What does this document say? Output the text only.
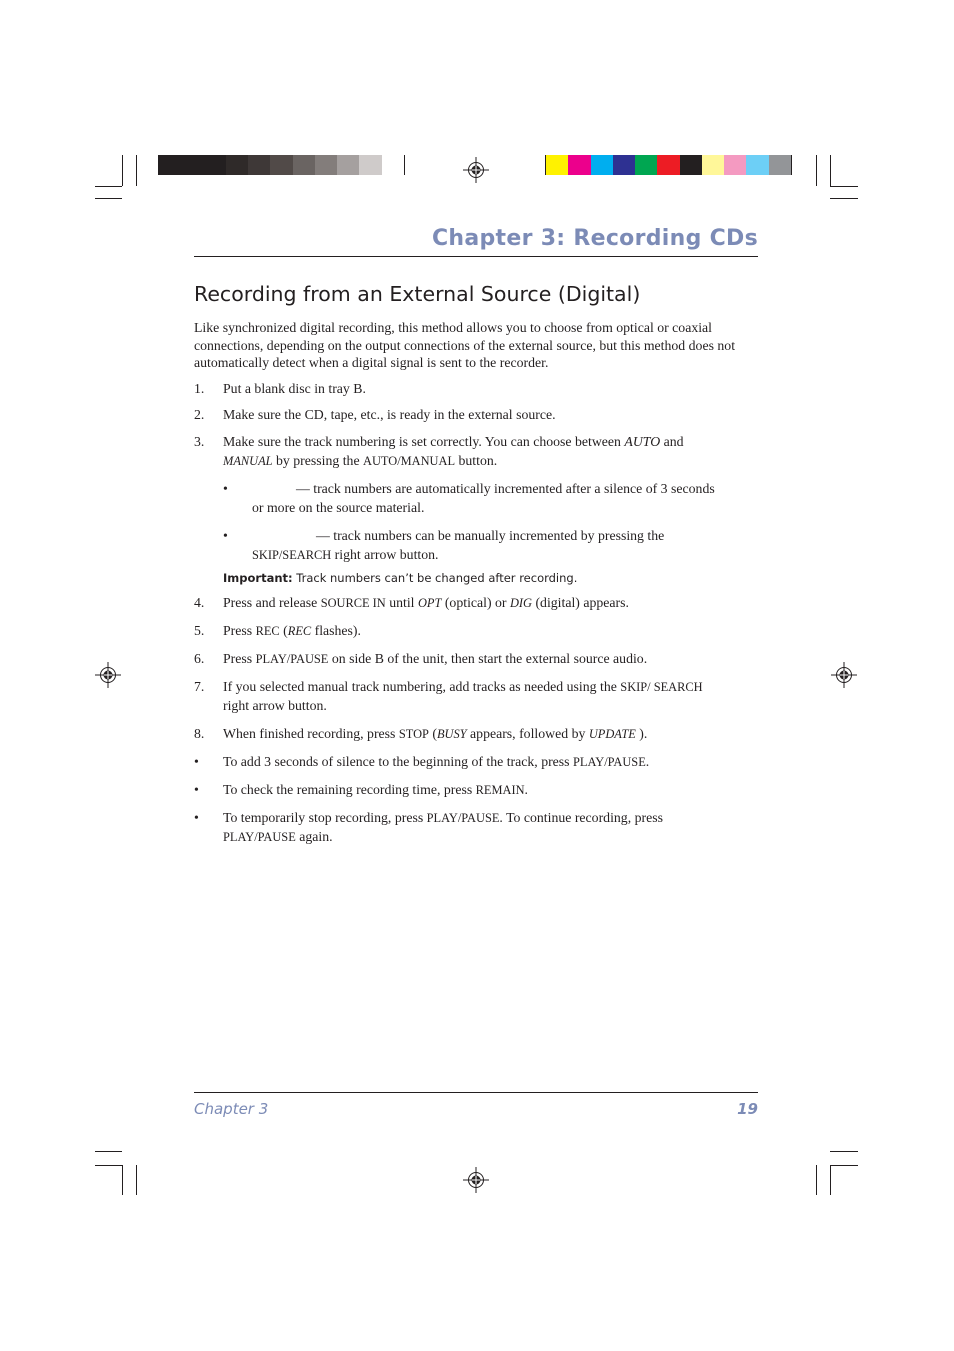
Chapter 3: Recording CDs
Recording from an External Source (Digital)
Like synchronized digital recording, this method allows you to choose from optical or coaxial connections, depending on the output connections of the external source, but this method does not automatically detect when a digital signal is sent to the recorder.
1.	Put a blank disc in tray B.
2.	Make sure the CD, tape, etc., is ready in the external source.
3.	Make sure the track numbering is set correctly. You can choose between AUTO and
MANUAL by pressing the AUTO/MANUAL button.
•	— track numbers are automatically incremented after a silence of 3 seconds or more on the source material.
•	— track numbers can be manually incremented by pressing the SKIP/SEARCH right arrow button.
Important: Track numbers can’t be changed after recording.
4.	Press and release SOURCE IN until OPT (optical) or DIG (digital) appears.
5.	Press REC (REC flashes).
6.	Press PLAY/PAUSE on side B of the unit, then start the external source audio.
7.	If you selected manual track numbering, add tracks as needed using the SKIP/ SEARCH right arrow button.
8.	When finished recording, press STOP (BUSY appears, followed by UPDATE ).
•	To add 3 seconds of silence to the beginning of the track, press PLAY/PAUSE.
•	To check the remaining recording time, press REMAIN.
•	To temporarily stop recording, press PLAY/PAUSE. To continue recording, press PLAY/PAUSE again.
Chapter 3	19
